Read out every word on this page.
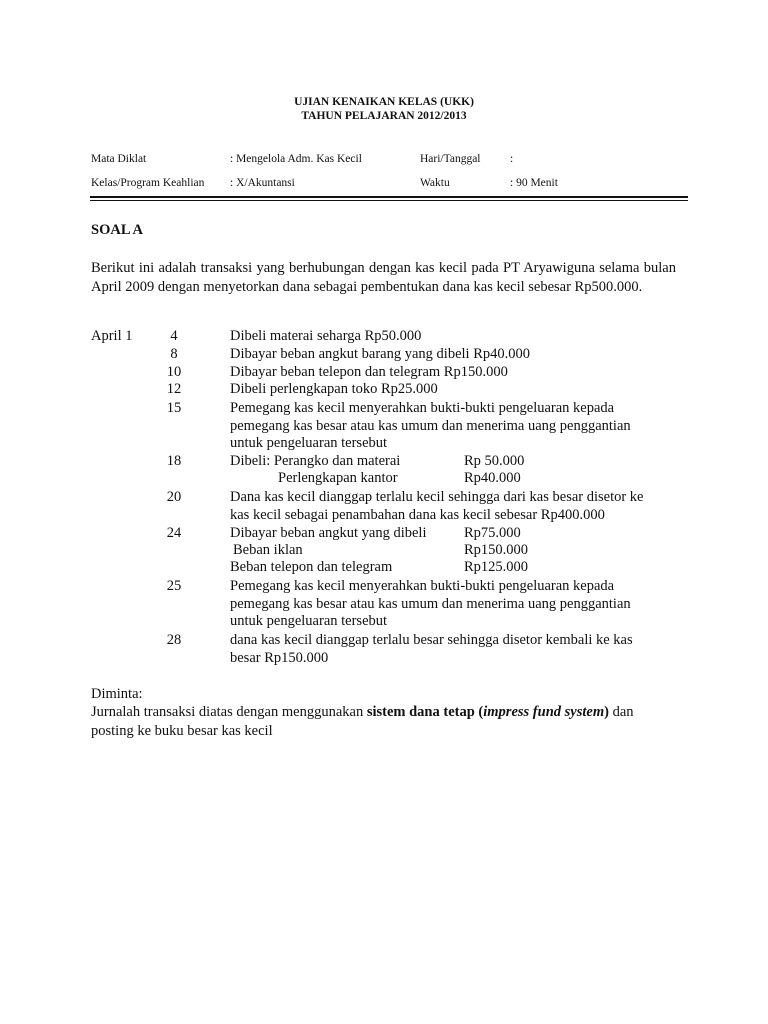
UJIAN KENAIKAN KELAS (UKK)
TAHUN PELAJARAN 2012/2013
Mata Diklat	: Mengelola Adm. Kas Kecil	Hari/Tanggal	:
Kelas/Program Keahlian : X/Akuntansi	Waktu	: 90 Menit
SOAL A
Berikut ini adalah transaksi yang berhubungan dengan kas kecil pada PT Aryawiguna selama bulan April 2009 dengan menyetorkan dana sebagai pembentukan dana kas kecil sebesar Rp500.000.
April 1	4	Dibeli materai seharga Rp50.000
8	Dibayar beban angkut barang yang dibeli Rp40.000
10	Dibayar beban telepon dan telegram Rp150.000
12	Dibeli perlengkapan toko Rp25.000
15	Pemegang kas kecil menyerahkan bukti-bukti pengeluaran kepada pemegang kas besar atau kas umum dan menerima uang penggantian untuk pengeluaran tersebut
18	Dibeli: Perangko dan materai	Rp 50.000
Perlengkapan kantor	Rp40.000
20	Dana kas kecil dianggap terlalu kecil sehingga dari kas besar disetor ke kas kecil sebagai penambahan dana kas kecil sebesar Rp400.000
24	Dibayar beban angkut yang dibeli	Rp75.000
Beban iklan	Rp150.000
Beban telepon dan telegram	Rp125.000
25	Pemegang kas kecil menyerahkan bukti-bukti pengeluaran kepada pemegang kas besar atau kas umum dan menerima uang penggantian untuk pengeluaran tersebut
28	dana kas kecil dianggap terlalu besar sehingga disetor kembali ke kas besar Rp150.000
Diminta:
Jurnalah transaksi diatas dengan menggunakan sistem dana tetap (impress fund system) dan posting ke buku besar kas kecil
